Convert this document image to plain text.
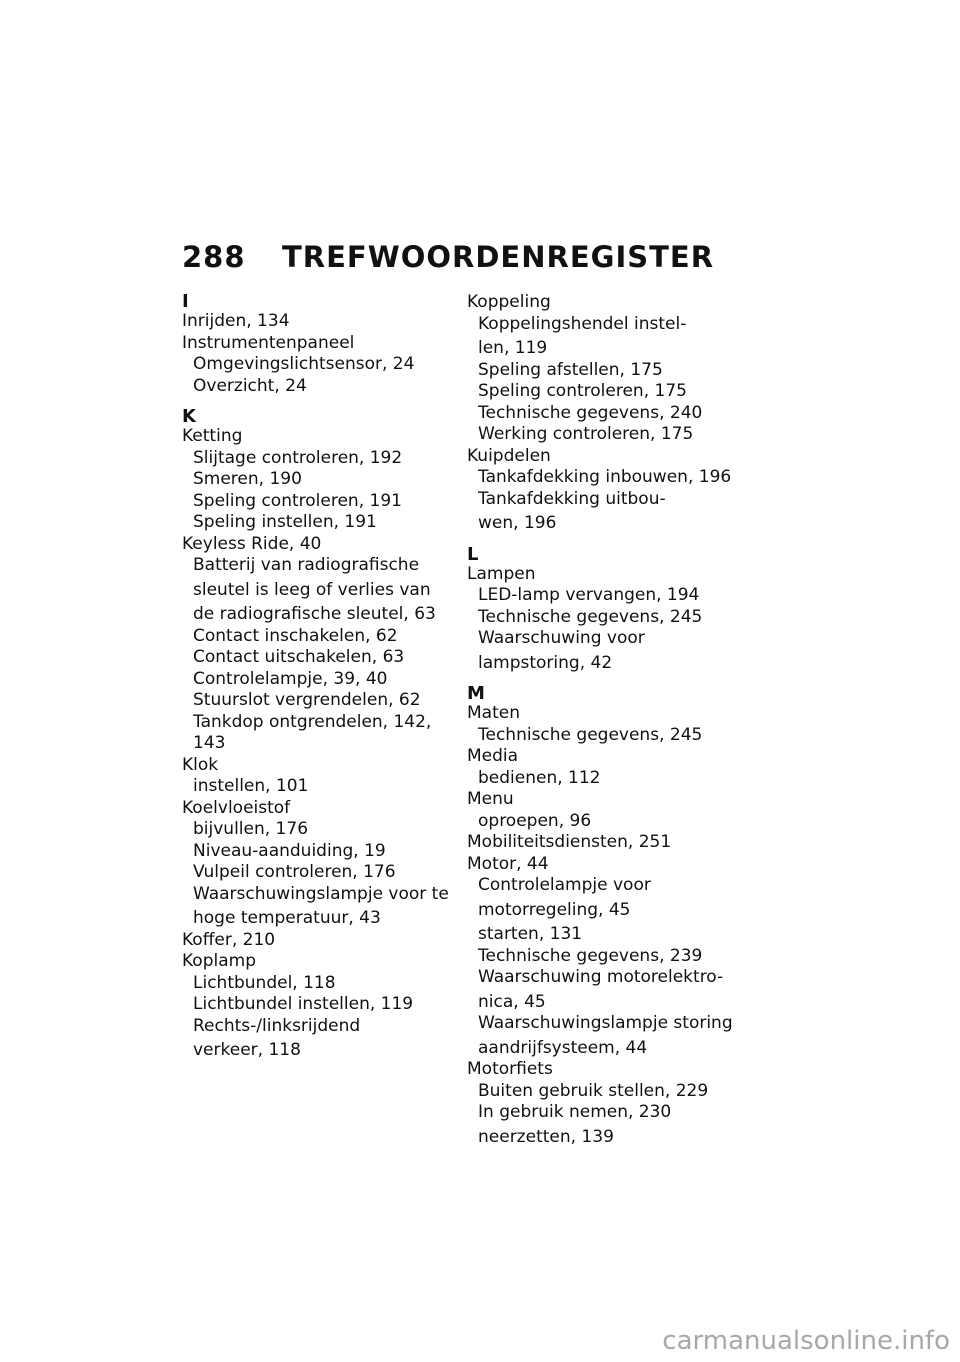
288 TREFWOORDENREGISTER
I
Inrijden, 134
Instrumentenpaneel
Omgevingslichtsensor, 24
Overzicht, 24
K
Ketting
Slijtage controleren, 192
Smeren, 190
Speling controleren, 191
Speling instellen, 191
Keyless Ride, 40
Batterij van radiografische
sleutel is leeg of verlies van
de radiografische sleutel, 63
Contact inschakelen, 62
Contact uitschakelen, 63
Controlelampje, 39, 40
Stuurslot vergrendelen, 62
Tankdop ontgrendelen, 142,
143
Klok
instellen, 101
Koelvloeistof
bijvullen, 176
Niveau-aanduiding, 19
Vulpeil controleren, 176
Waarschuwingslampje voor te
hoge temperatuur, 43
Koffer, 210
Koplamp
Lichtbundel, 118
Lichtbundel instellen, 119
Rechts-/linksrijdend
verkeer, 118
Koppeling
Koppelingshendel instel-
len, 119
Speling afstellen, 175
Speling controleren, 175
Technische gegevens, 240
Werking controleren, 175
Kuipdelen
Tankafdekking inbouwen, 196
Tankafdekking uitbou-
wen, 196
L
Lampen
LED-lamp vervangen, 194
Technische gegevens, 245
Waarschuwing voor
lampstoring, 42
M
Maten
Technische gegevens, 245
Media
bedienen, 112
Menu
oproepen, 96
Mobiliteitsdiensten, 251
Motor, 44
Controlelampje voor
motorregeling, 45
starten, 131
Technische gegevens, 239
Waarschuwing motorelektro-
nica, 45
Waarschuwingslampje storing
aandrijfsysteem, 44
Motorfiets
Buiten gebruik stellen, 229
In gebruik nemen, 230
neerzetten, 139
carmanualsonline.info
